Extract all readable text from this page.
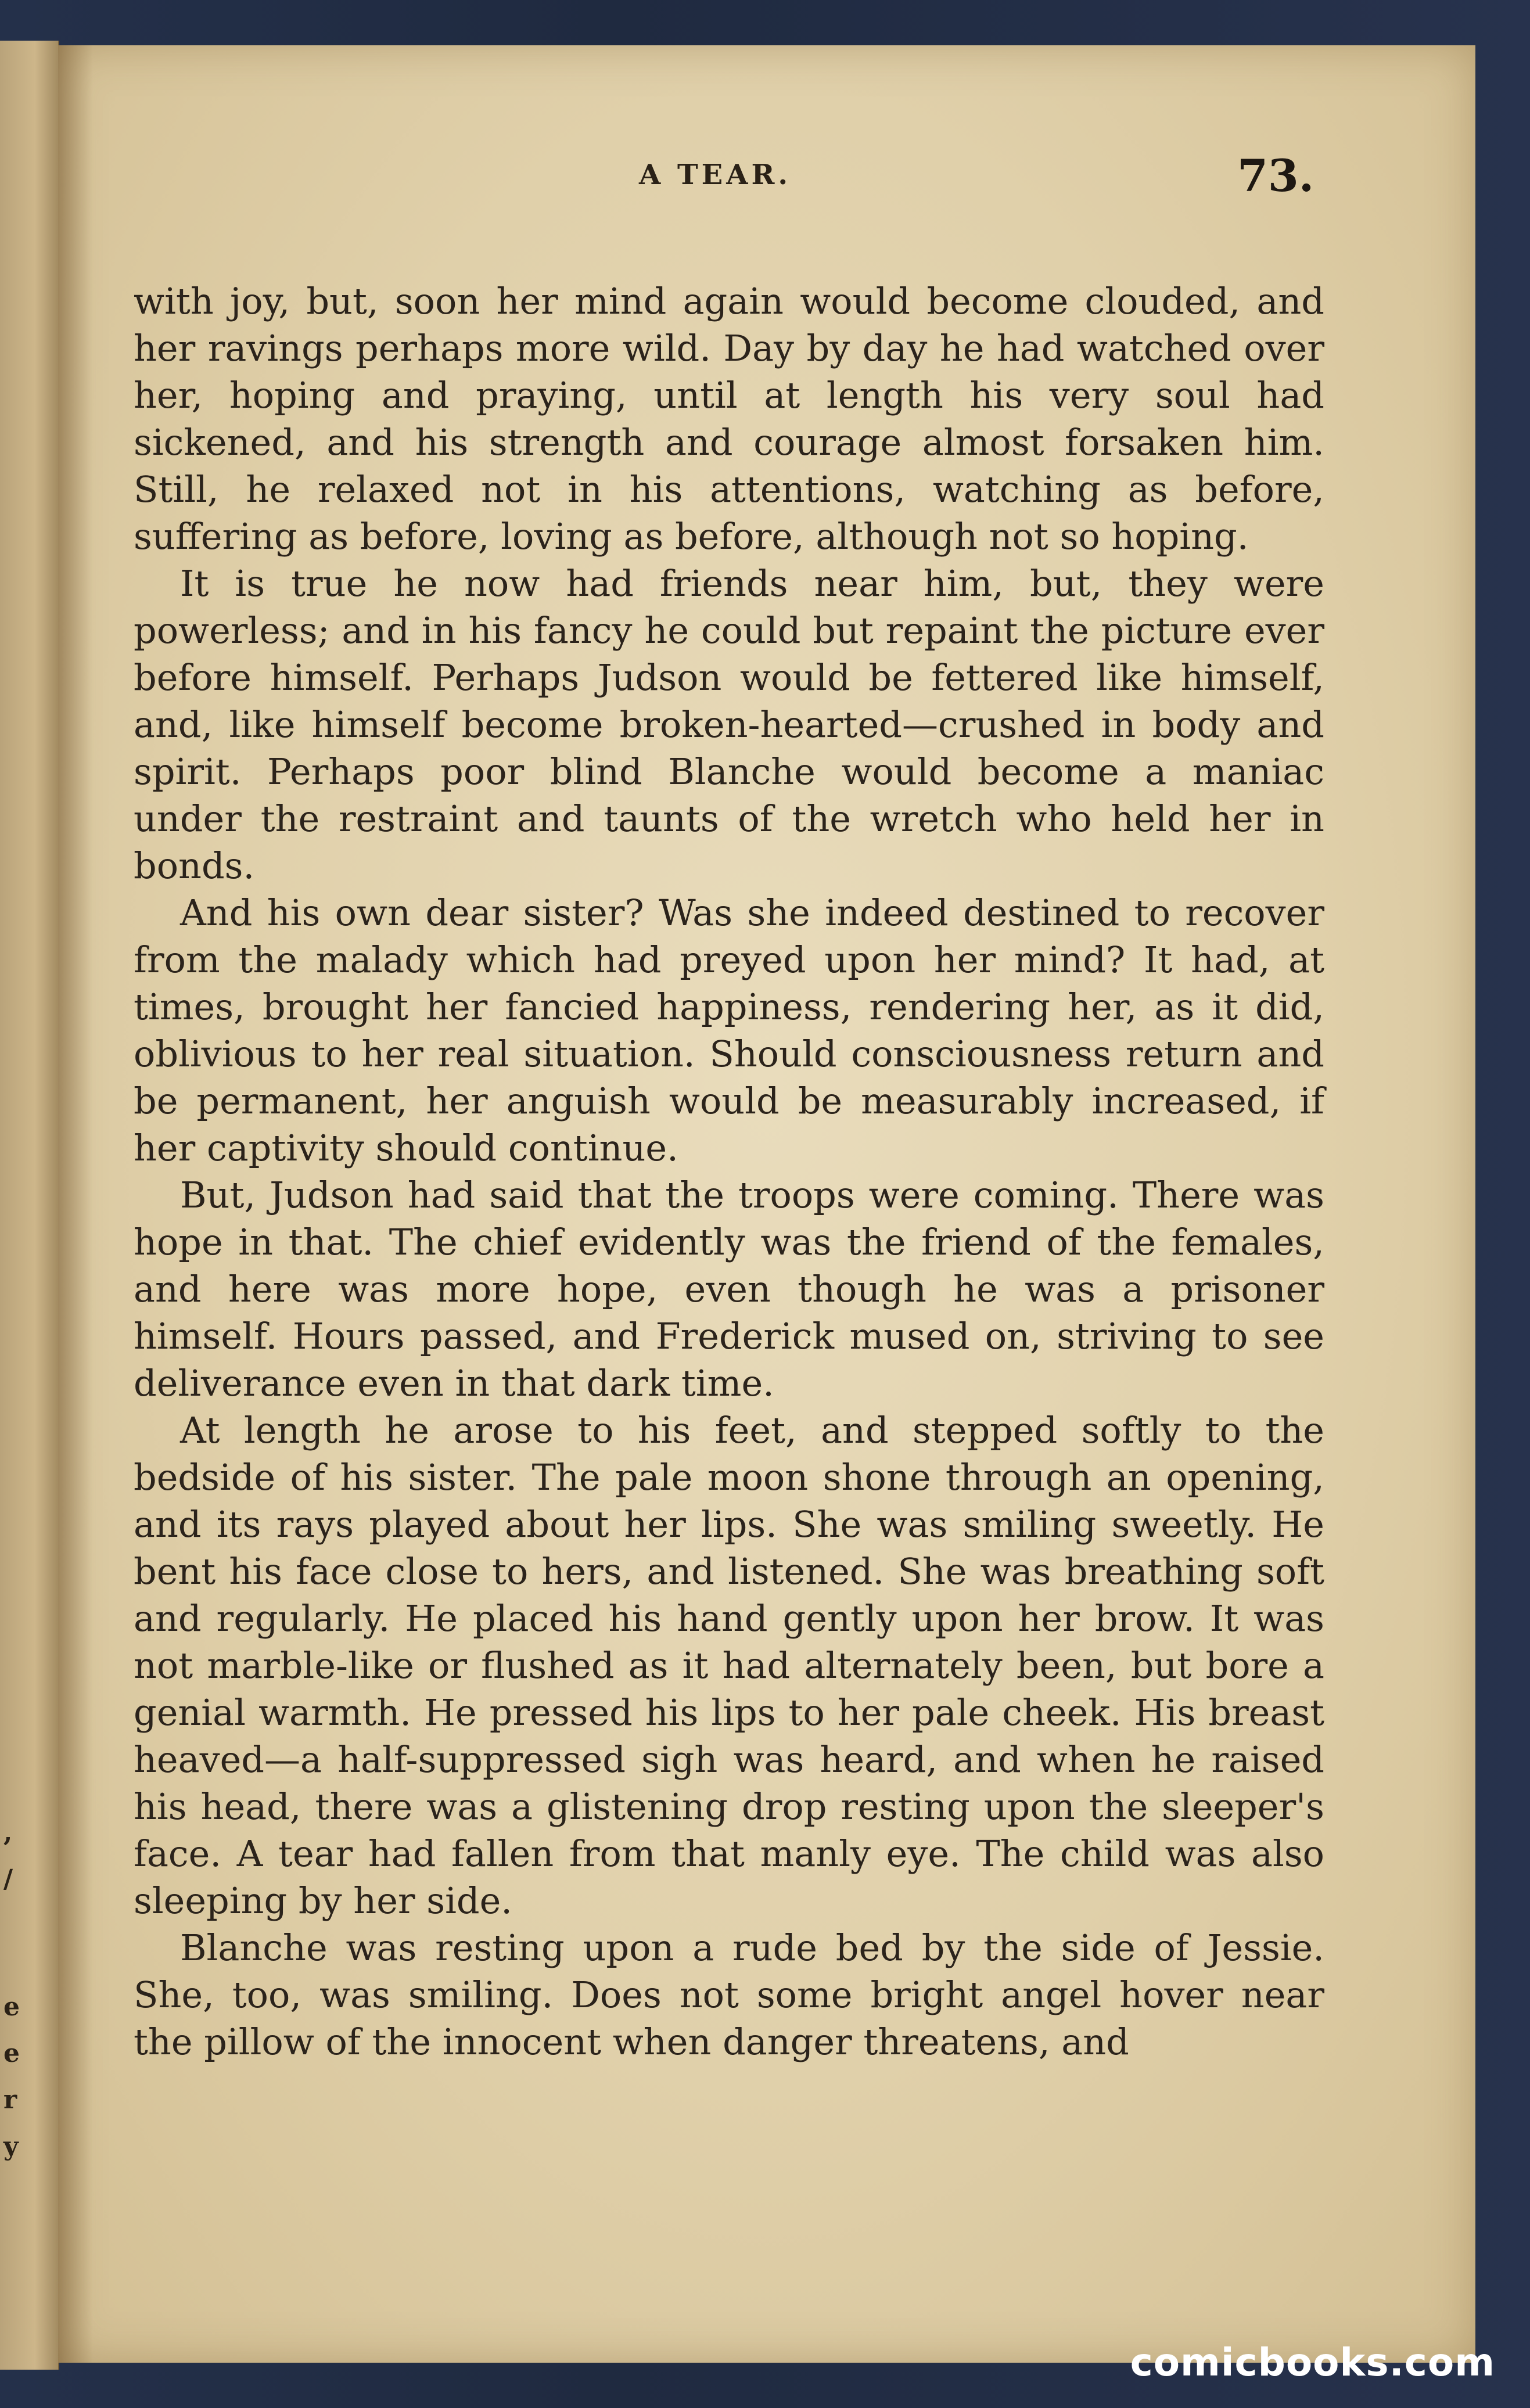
,
/
e
e
r
y
A TEAR.	73.

with joy, but, soon her mind again would become clouded, and her ravings perhaps more wild. Day by day he had watched over her, hoping and praying, until at length his very soul had sickened, and his strength and courage almost forsaken him. Still, he relaxed not in his attentions, watching as before, suffering as before, loving as before, although not so hoping.

It is true he now had friends near him, but, they were powerless; and in his fancy he could but repaint the picture ever before himself. Perhaps Judson would be fettered like himself, and, like himself become broken-hearted—crushed in body and spirit. Perhaps poor blind Blanche would become a maniac under the restraint and taunts of the wretch who held her in bonds.

And his own dear sister? Was she indeed destined to recover from the malady which had preyed upon her mind? It had, at times, brought her fancied happiness, rendering her, as it did, oblivious to her real situation. Should consciousness return and be permanent, her anguish would be measurably increased, if her captivity should continue.

But, Judson had said that the troops were coming. There was hope in that. The chief evidently was the friend of the females, and here was more hope, even though he was a prisoner himself. Hours passed, and Frederick mused on, striving to see deliverance even in that dark time.

At length he arose to his feet, and stepped softly to the bedside of his sister. The pale moon shone through an opening, and its rays played about her lips. She was smiling sweetly. He bent his face close to hers, and listened. She was breathing soft and regularly. He placed his hand gently upon her brow. It was not marble-like or flushed as it had alternately been, but bore a genial warmth. He pressed his lips to her pale cheek. His breast heaved—a half-suppressed sigh was heard, and when he raised his head, there was a glistening drop resting upon the sleeper's face. A tear had fallen from that manly eye. The child was also sleeping by her side.

Blanche was resting upon a rude bed by the side of Jessie. She, too, was smiling. Does not some bright angel hover near the pillow of the innocent when danger threatens, and

comicbooks.com
